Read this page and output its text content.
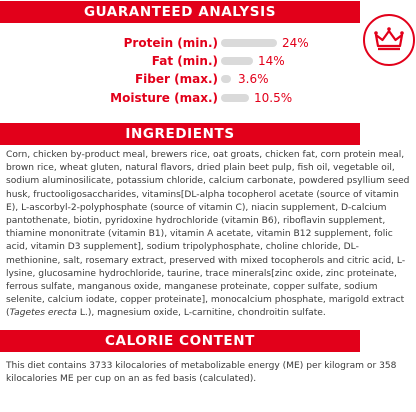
GUARANTEED ANALYSIS
Protein (min.)
Fat (min.)
Fiber (max.)
Moisture (max.)
24%
14%
3.6%
10.5%
INGREDIENTS

Corn, chicken by-product meal, brewers rice, oat groats, chicken fat, corn protein meal, brown rice, wheat gluten, natural flavors, dried plain beet pulp, fish oil, vegetable oil, sodium aluminosilicate, potassium chloride, calcium carbonate, powdered psyllium seed husk, fructooligosaccharides, vitamins[DL-alpha tocopherol acetate (source of vitamin E), L-ascorbyl-2-polyphosphate (source of vitamin C), niacin supplement, D-calcium pantothenate, biotin, pyridoxine hydrochloride (vitamin B6), riboflavin supplement, thiamine mononitrate (vitamin B1), vitamin A acetate, vitamin B12 supplement, folic acid, vitamin D3 supplement], sodium tripolyphosphate, choline chloride, DL-methionine, salt, rosemary extract, preserved with mixed tocopherols and citric acid, L-lysine, glucosamine hydrochloride, taurine, trace minerals[zinc oxide, zinc proteinate, ferrous sulfate, manganous oxide, manganese proteinate, copper sulfate, sodium selenite, calcium iodate, copper proteinate], monocalcium phosphate, marigold extract (Tagetes erecta L.), magnesium oxide, L-carnitine, chondroitin sulfate.

CALORIE CONTENT

This diet contains 3733 kilocalories of metabolizable energy (ME) per kilogram or 358 kilocalories ME per cup on an as fed basis (calculated).
